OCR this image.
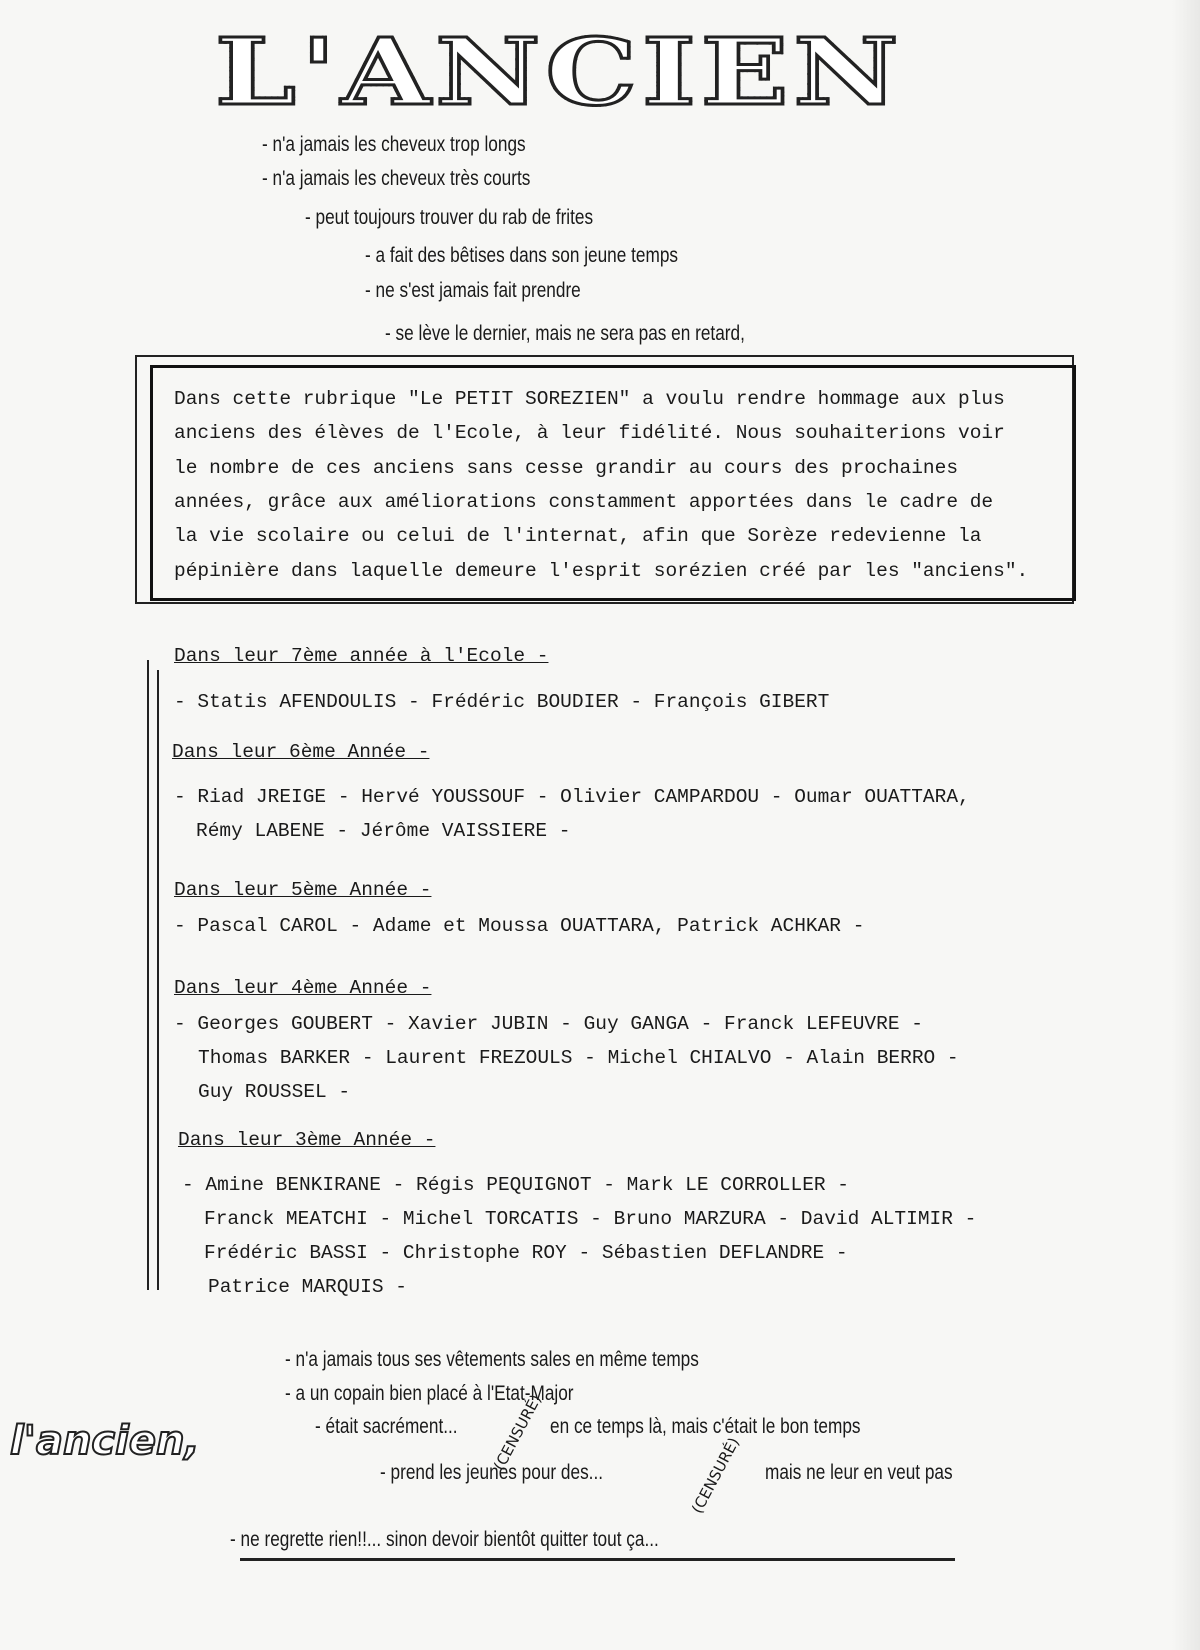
L'ANCIEN
- n'a jamais les cheveux trop longs
- n'a jamais les cheveux très courts
- peut toujours trouver du rab de frites
- a fait des bêtises dans son jeune temps
- ne s'est jamais fait prendre
- se lève le dernier, mais ne sera pas en retard,
Dans cette rubrique "Le PETIT SOREZIEN" a voulu rendre hommage aux plus
anciens des élèves de l'Ecole, à leur fidélité. Nous souhaiterions voir
le nombre de ces anciens sans cesse grandir au cours des prochaines
années, grâce aux améliorations constamment apportées dans le cadre de
la vie scolaire ou celui de l'internat, afin que Sorèze redevienne la
pépinière dans laquelle demeure l'esprit sorézien créé par les "anciens".
Dans leur 7ème année à l'Ecole -
- Statis AFENDOULIS - Frédéric BOUDIER - François GIBERT
Dans leur 6ème Année -
- Riad JREIGE - Hervé YOUSSOUF - Olivier CAMPARDOU - Oumar OUATTARA,
Rémy LABENE - Jérôme VAISSIERE -
Dans leur 5ème Année -
- Pascal CAROL - Adame et Moussa OUATTARA, Patrick ACHKAR -
Dans leur 4ème Année -
- Georges GOUBERT - Xavier JUBIN - Guy GANGA - Franck LEFEUVRE -
Thomas BARKER - Laurent FREZOULS - Michel CHIALVO - Alain BERRO -
Guy ROUSSEL -
Dans leur 3ème Année -
- Amine BENKIRANE - Régis PEQUIGNOT - Mark LE CORROLLER -
Franck MEATCHI - Michel TORCATIS - Bruno MARZURA - David ALTIMIR -
Frédéric BASSI - Christophe ROY - Sébastien DEFLANDRE -
Patrice MARQUIS -
- n'a jamais tous ses vêtements sales en même temps
- a un copain bien placé à l'Etat-Major
- était sacrément... (CENSURÉ) en ce temps là, mais c'était le bon temps
- prend les jeunes pour des...	(CENSURÉ) mais ne leur en veut pas
l'ancien,
- ne regrette rien!!... sinon devoir bientôt quitter tout ça...
